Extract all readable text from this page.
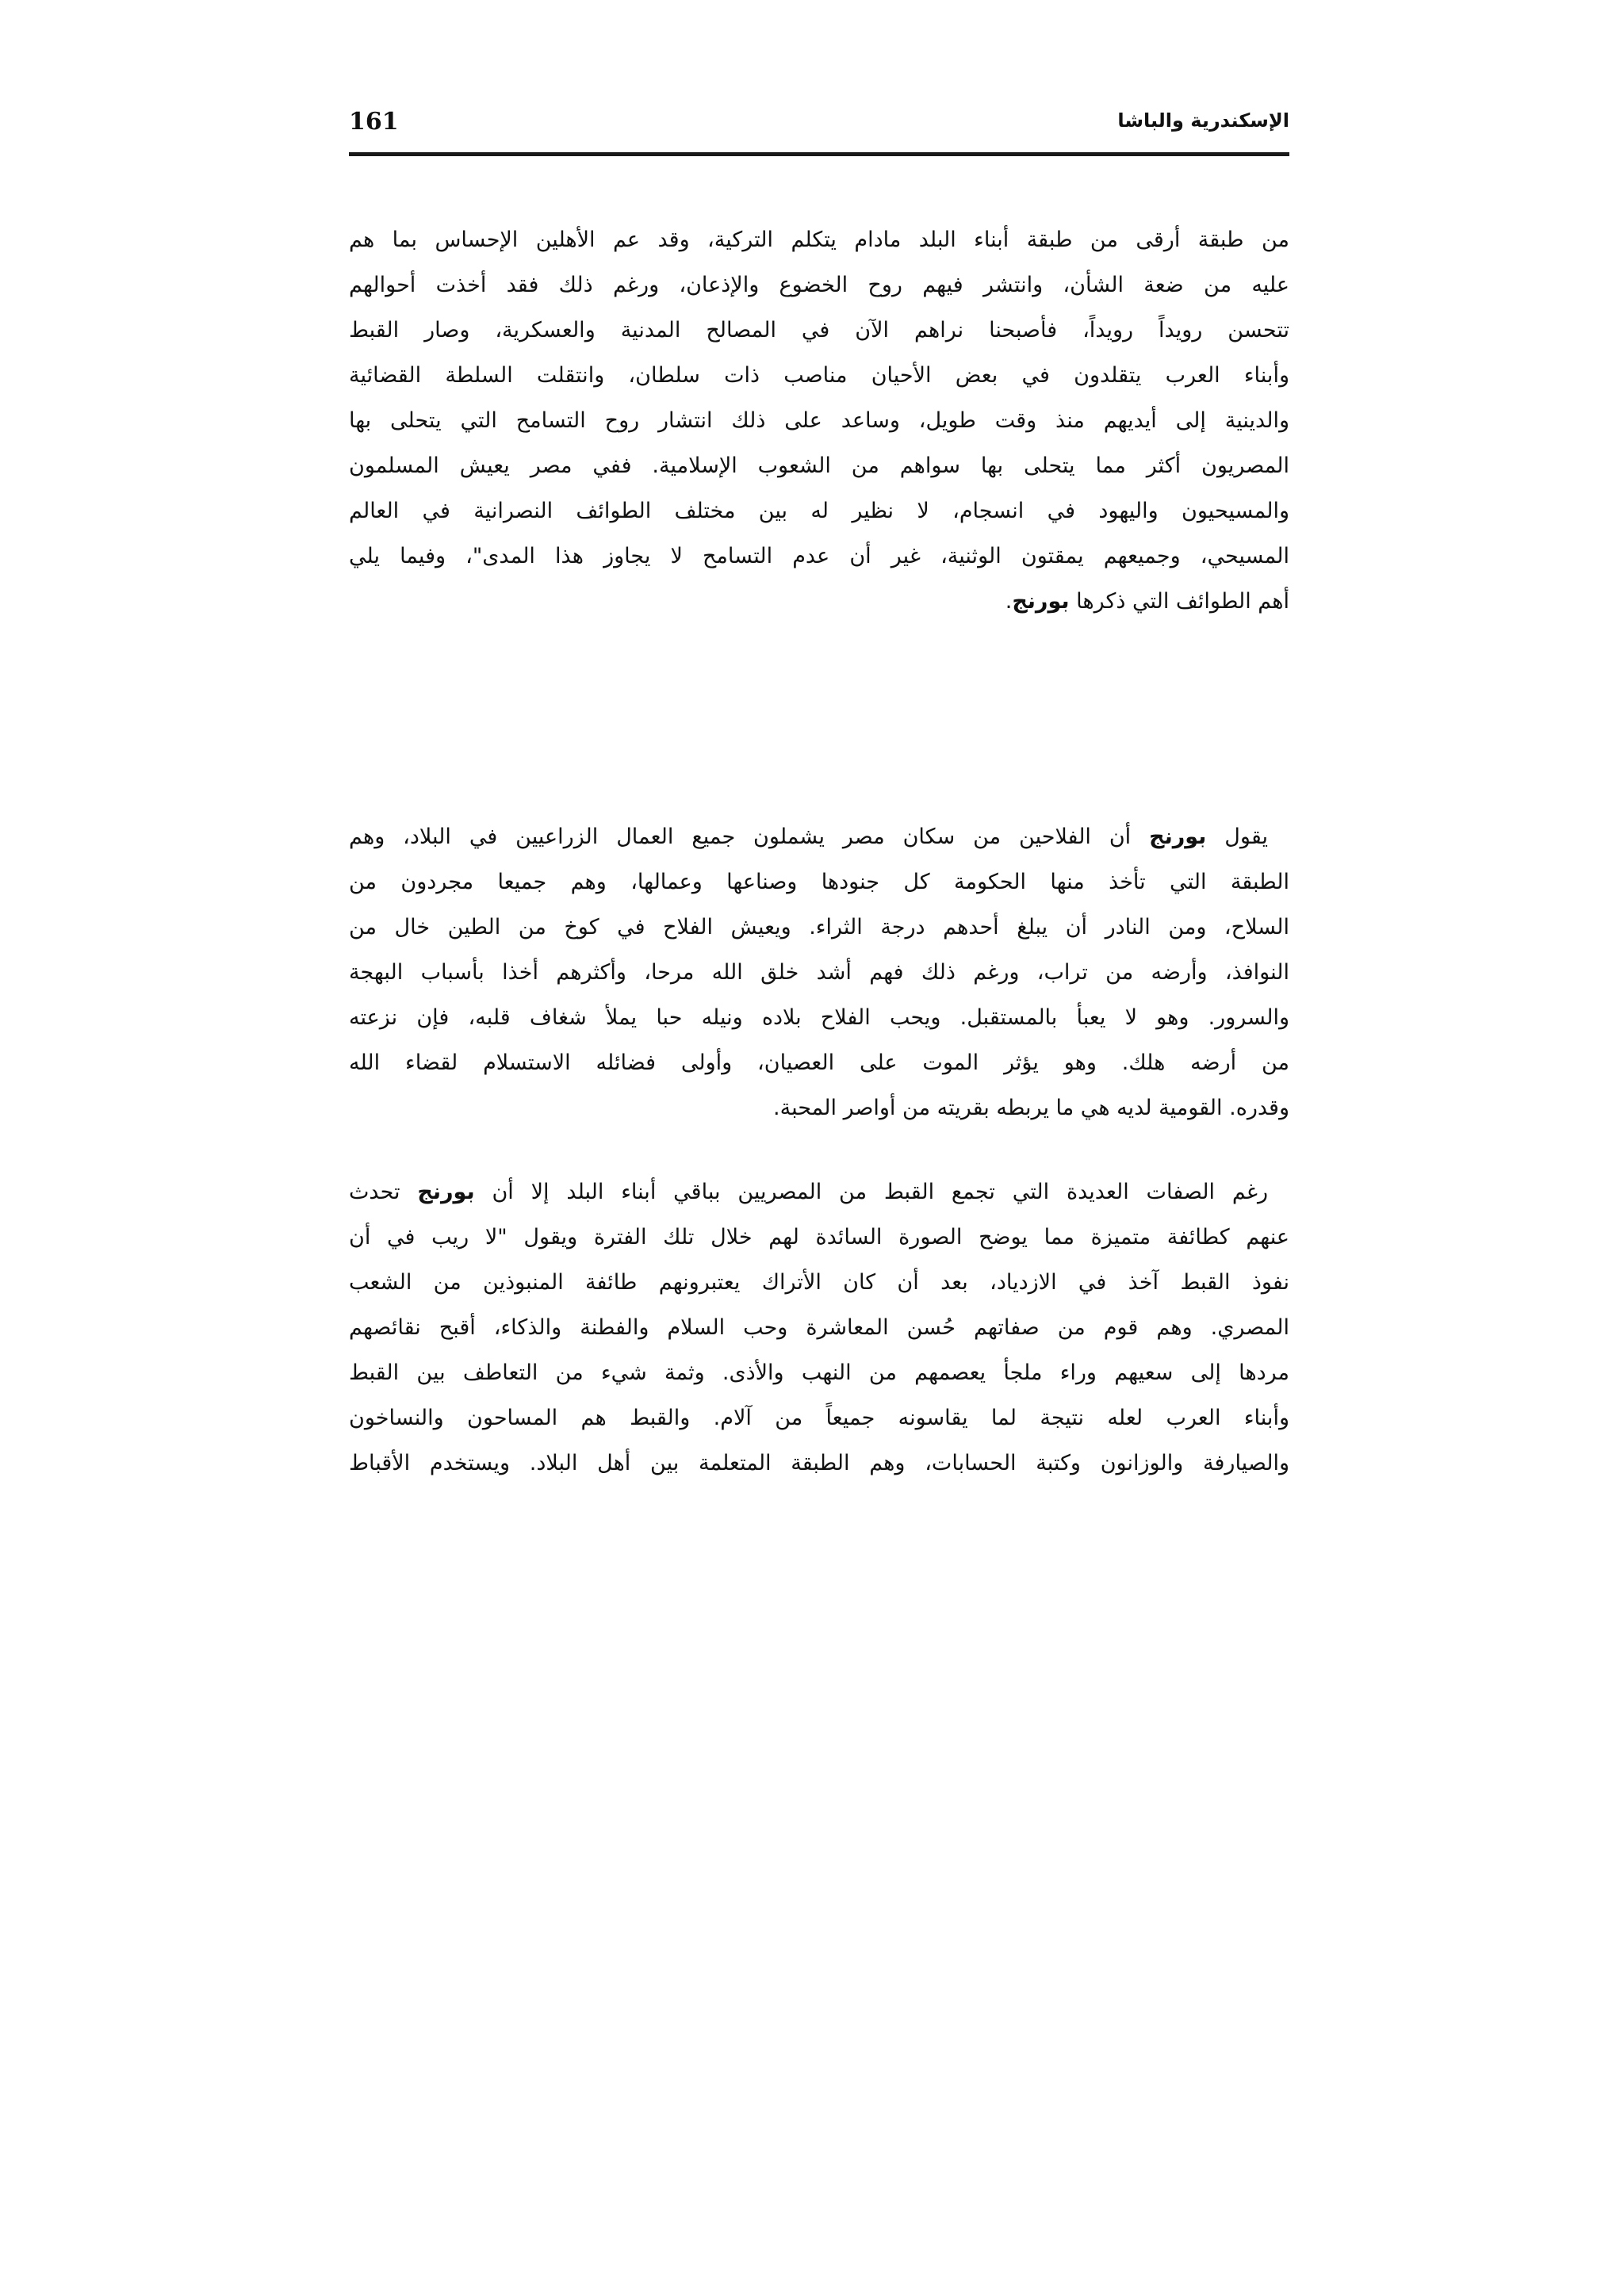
161	الإسكندرية والباشا
من طبقة أرقى من طبقة أبناء البلد مادام يتكلم التركية، وقد عم الأهلين الإحساس بما هم
عليه من ضعة الشأن، وانتشر فيهم روح الخضوع والإذعان، ورغم ذلك فقد أخذت أحوالهم
تتحسن رويداً رويداً، فأصبحنا نراهم الآن في المصالح المدنية والعسكرية، وصار القبط
وأبناء العرب يتقلدون في بعض الأحيان مناصب ذات سلطان، وانتقلت السلطة القضائية
والدينية إلى أيديهم منذ وقت طويل، وساعد على ذلك انتشار روح التسامح التي يتحلى بها
المصريون أكثر مما يتحلى بها سواهم من الشعوب الإسلامية. ففي مصر يعيش المسلمون
والمسيحيون واليهود في انسجام، لا نظير له بين مختلف الطوائف النصرانية في العالم
المسيحي، وجميعهم يمقتون الوثنية، غير أن عدم التسامح لا يجاوز هذا المدى"، وفيما يلي
أهم الطوائف التي ذكرها بورنج.
 يقول بورنج أن الفلاحين من سكان مصر يشملون جميع العمال الزراعيين في البلاد، وهم
الطبقة التي تأخذ منها الحكومة كل جنودها وصناعها وعمالها، وهم جميعا مجردون من
السلاح، ومن النادر أن يبلغ أحدهم درجة الثراء. ويعيش الفلاح في كوخ من الطين خال من
النوافذ، وأرضه من تراب، ورغم ذلك فهم أشد خلق الله مرحا، وأكثرهم أخذا بأسباب البهجة
والسرور. وهو لا يعبأ بالمستقبل. ويحب الفلاح بلاده ونيله حبا يملأ شغاف قلبه، فإن نزعته
من أرضه هلك. وهو يؤثر الموت على العصيان، وأولى فضائله الاستسلام لقضاء الله
وقدره. القومية لديه هي ما يربطه بقريته من أواصر المحبة.
 رغم الصفات العديدة التي تجمع القبط من المصريين بباقي أبناء البلد إلا أن بورنج تحدث
عنهم كطائفة متميزة مما يوضح الصورة السائدة لهم خلال تلك الفترة ويقول "لا ريب في أن
نفوذ القبط آخذ في الازدياد، بعد أن كان الأتراك يعتبرونهم طائفة المنبوذين من الشعب
المصري. وهم قوم من صفاتهم حُسن المعاشرة وحب السلام والفطنة والذكاء، أقبح نقائصهم
مردها إلى سعيهم وراء ملجأ يعصمهم من النهب والأذى. وثمة شيء من التعاطف بين القبط
وأبناء العرب لعله نتيجة لما يقاسونه جميعاً من آلام. والقبط هم المساحون والنساخون
والصيارفة والوزانون وكتبة الحسابات، وهم الطبقة المتعلمة بين أهل البلاد. ويستخدم الأقباط
